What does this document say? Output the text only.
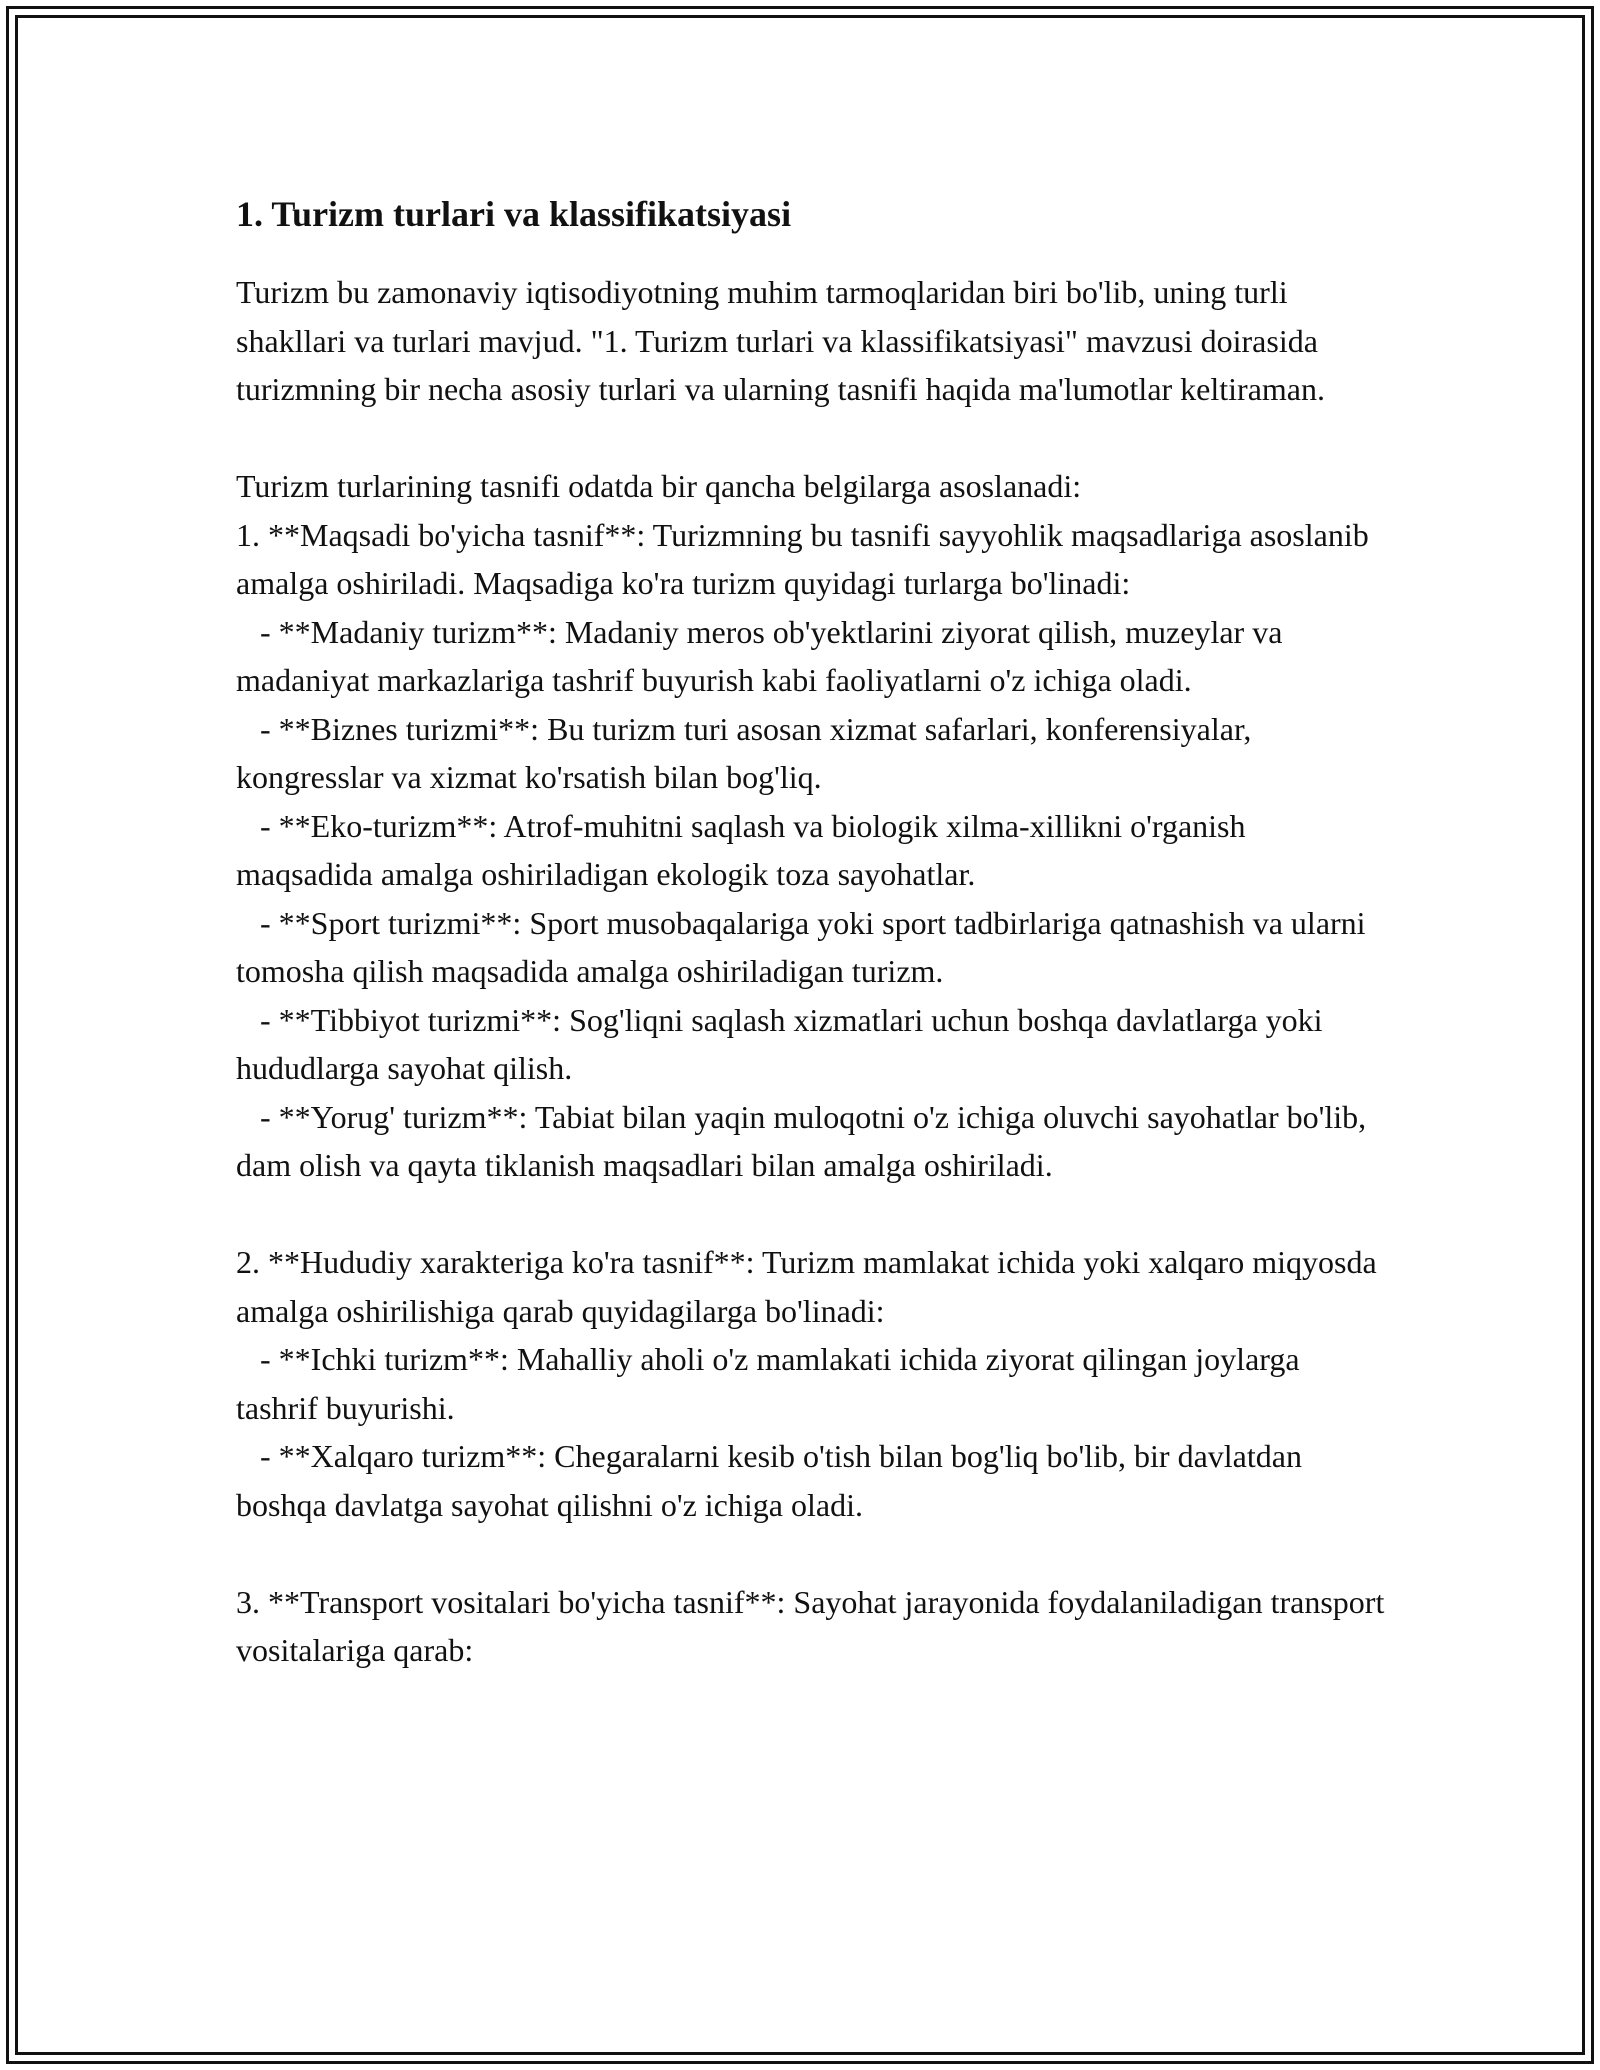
1. Turizm turlari va klassifikatsiyasi

Turizm bu zamonaviy iqtisodiyotning muhim tarmoqlaridan biri bo'lib, uning turli shakllari va turlari mavjud. "1. Turizm turlari va klassifikatsiyasi" mavzusi doirasida turizmning bir necha asosiy turlari va ularning tasnifi haqida ma'lumotlar keltiraman.

Turizm turlarining tasnifi odatda bir qancha belgilarga asoslanadi:

1. **Maqsadi bo'yicha tasnif**: Turizmning bu tasnifi sayyohlik maqsadlariga asoslanib amalga oshiriladi. Maqsadiga ko'ra turizm quyidagi turlarga bo'linadi:

- **Madaniy turizm**: Madaniy meros ob'yektlarini ziyorat qilish, muzeylar va madaniyat markazlariga tashrif buyurish kabi faoliyatlarni o'z ichiga oladi.

- **Biznes turizmi**: Bu turizm turi asosan xizmat safarlari, konferensiyalar, kongresslar va xizmat ko'rsatish bilan bog'liq.

- **Eko-turizm**: Atrof-muhitni saqlash va biologik xilma-xillikni o'rganish maqsadida amalga oshiriladigan ekologik toza sayohatlar.

- **Sport turizmi**: Sport musobaqalariga yoki sport tadbirlariga qatnashish va ularni tomosha qilish maqsadida amalga oshiriladigan turizm.

- **Tibbiyot turizmi**: Sog'liqni saqlash xizmatlari uchun boshqa davlatlarga yoki hududlarga sayohat qilish.

- **Yorug' turizm**: Tabiat bilan yaqin muloqotni o'z ichiga oluvchi sayohatlar bo'lib, dam olish va qayta tiklanish maqsadlari bilan amalga oshiriladi.

2. **Hududiy xarakteriga ko'ra tasnif**: Turizm mamlakat ichida yoki xalqaro miqyosda amalga oshirilishiga qarab quyidagilarga bo'linadi:

- **Ichki turizm**: Mahalliy aholi o'z mamlakati ichida ziyorat qilingan joylarga tashrif buyurishi.

- **Xalqaro turizm**: Chegaralarni kesib o'tish bilan bog'liq bo'lib, bir davlatdan boshqa davlatga sayohat qilishni o'z ichiga oladi.

3. **Transport vositalari bo'yicha tasnif**: Sayohat jarayonida foydalaniladigan transport vositalariga qarab:
